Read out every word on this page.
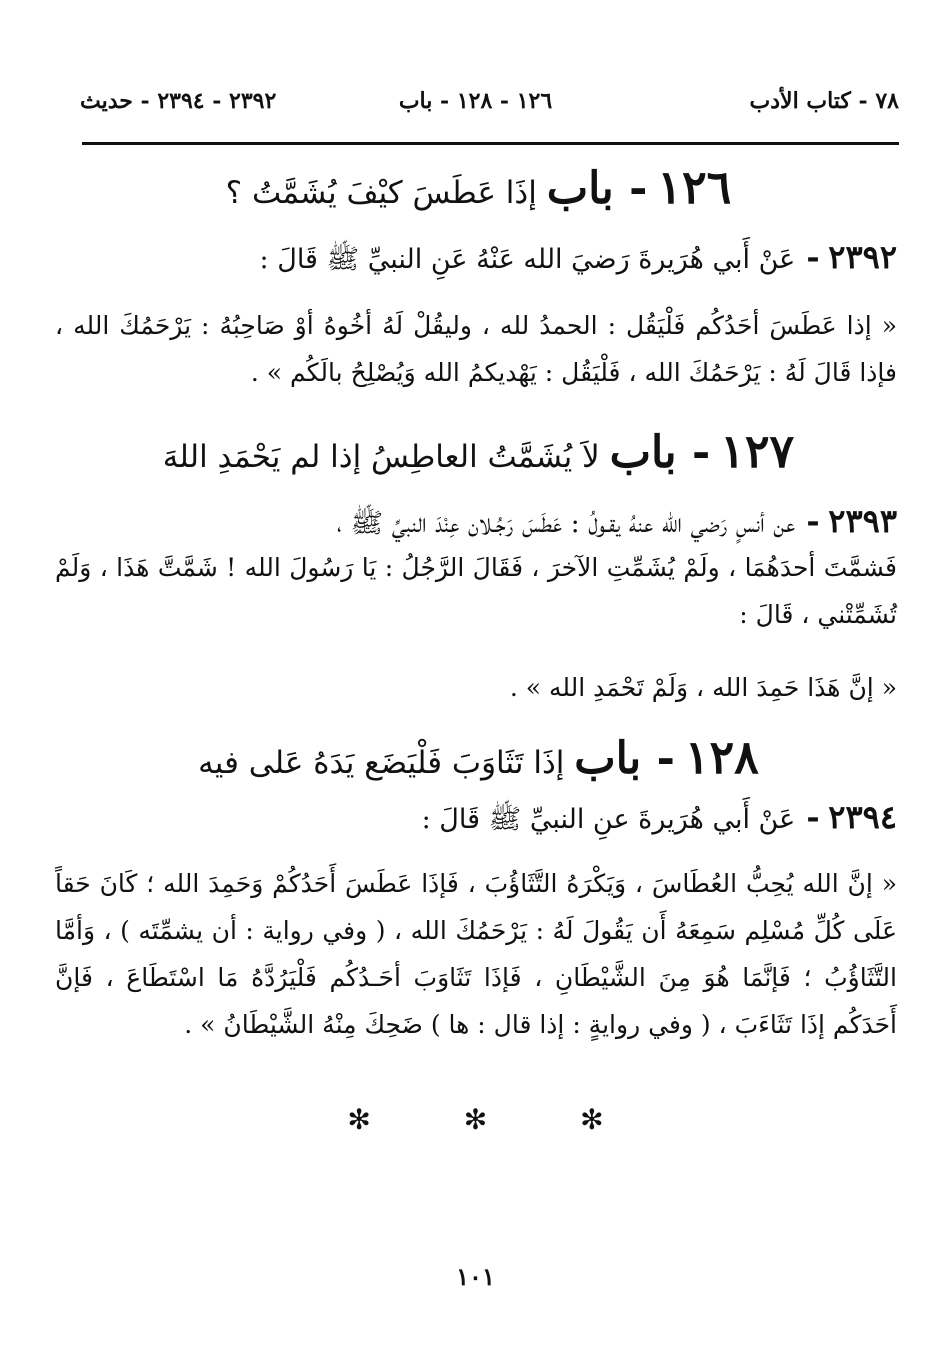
٧٨ - كتاب الأدب
١٢٦ - ١٢٨ - باب
٢٣٩٢ - ٢٣٩٤ - حديث
١٢٦ - باب إذَا عَطَسَ كيْفَ يُشَمَّتُ ؟
٢٣٩٢ - عَنْ أَبي هُرَيرةَ رَضيَ الله عَنْهُ عَنِ النبيِّ ﷺ قَالَ :
« إذا عَطَسَ أحَدُكُم فَلْيَقُل : الحمدُ لله ، وليقُلْ لَهُ أخُوهُ أوْ صَاحِبُهُ : يَرْحَمُكَ الله ، فإذا قَالَ لَهُ : يَرْحَمُكَ الله ، فَلْيَقُل : يَهْديكمُ الله وَيُصْلِحُ بالَكُم » .
١٢٧ - باب لاَ يُشَمَّتُ العاطِسُ إذا لم يَحْمَدِ اللهَ
٢٣٩٣ - عن أنسٍ رَضي الله عنهُ يقـولُ : عَطَسَ رَجُـلان عِنْدَ النبيِّ ﷺ ،
فَشمَّتَ أحدَهُمَا ، ولَمْ يُشَمِّتِ الآخرَ ، فَقَالَ الرَّجُلُ : يَا رَسُولَ الله ! شَمَّتَّ هَذَا ، وَلَمْ تُشَمِّتْني ، قَالَ :
« إنَّ هَذَا حَمِدَ الله ، وَلَمْ تَحْمَدِ الله » .
١٢٨ - باب إذَا تَثَاوَبَ فَلْيَضَع يَدَهُ عَلى فيه
٢٣٩٤ - عَنْ أَبي هُرَيرةَ عنِ النبيِّ ﷺ قَالَ :
« إنَّ الله يُحِبُّ العُطَاسَ ، وَيَكْرَهُ التَّثَاؤُبَ ، فَإذَا عَطَسَ أَحَدُكُمْ وَحَمِدَ الله ؛ كَانَ حَقاً عَلَى كُلِّ مُسْلِم سَمِعَهُ أَن يَقُولَ لَهُ : يَرْحَمُكَ الله ، ( وفي رواية : أن يشمِّتَه ) ، وَأمَّا التَّثَاؤُبُ ؛ فَإنَّمَا هُوَ مِنَ الشَّيْطَانِ ، فَإذَا تَثَاوَبَ أحَـدُكُم فَلْيَرُدَّهُ مَا اسْتَطَاعَ ، فَإنَّ أَحَدَكُم إذَا تَثَاءَبَ ، ( وفي روايةٍ : إذا قال : ها ) ضَحِكَ مِنْهُ الشَّيْطَانُ » .
✻ ✻ ✻
١٠١
